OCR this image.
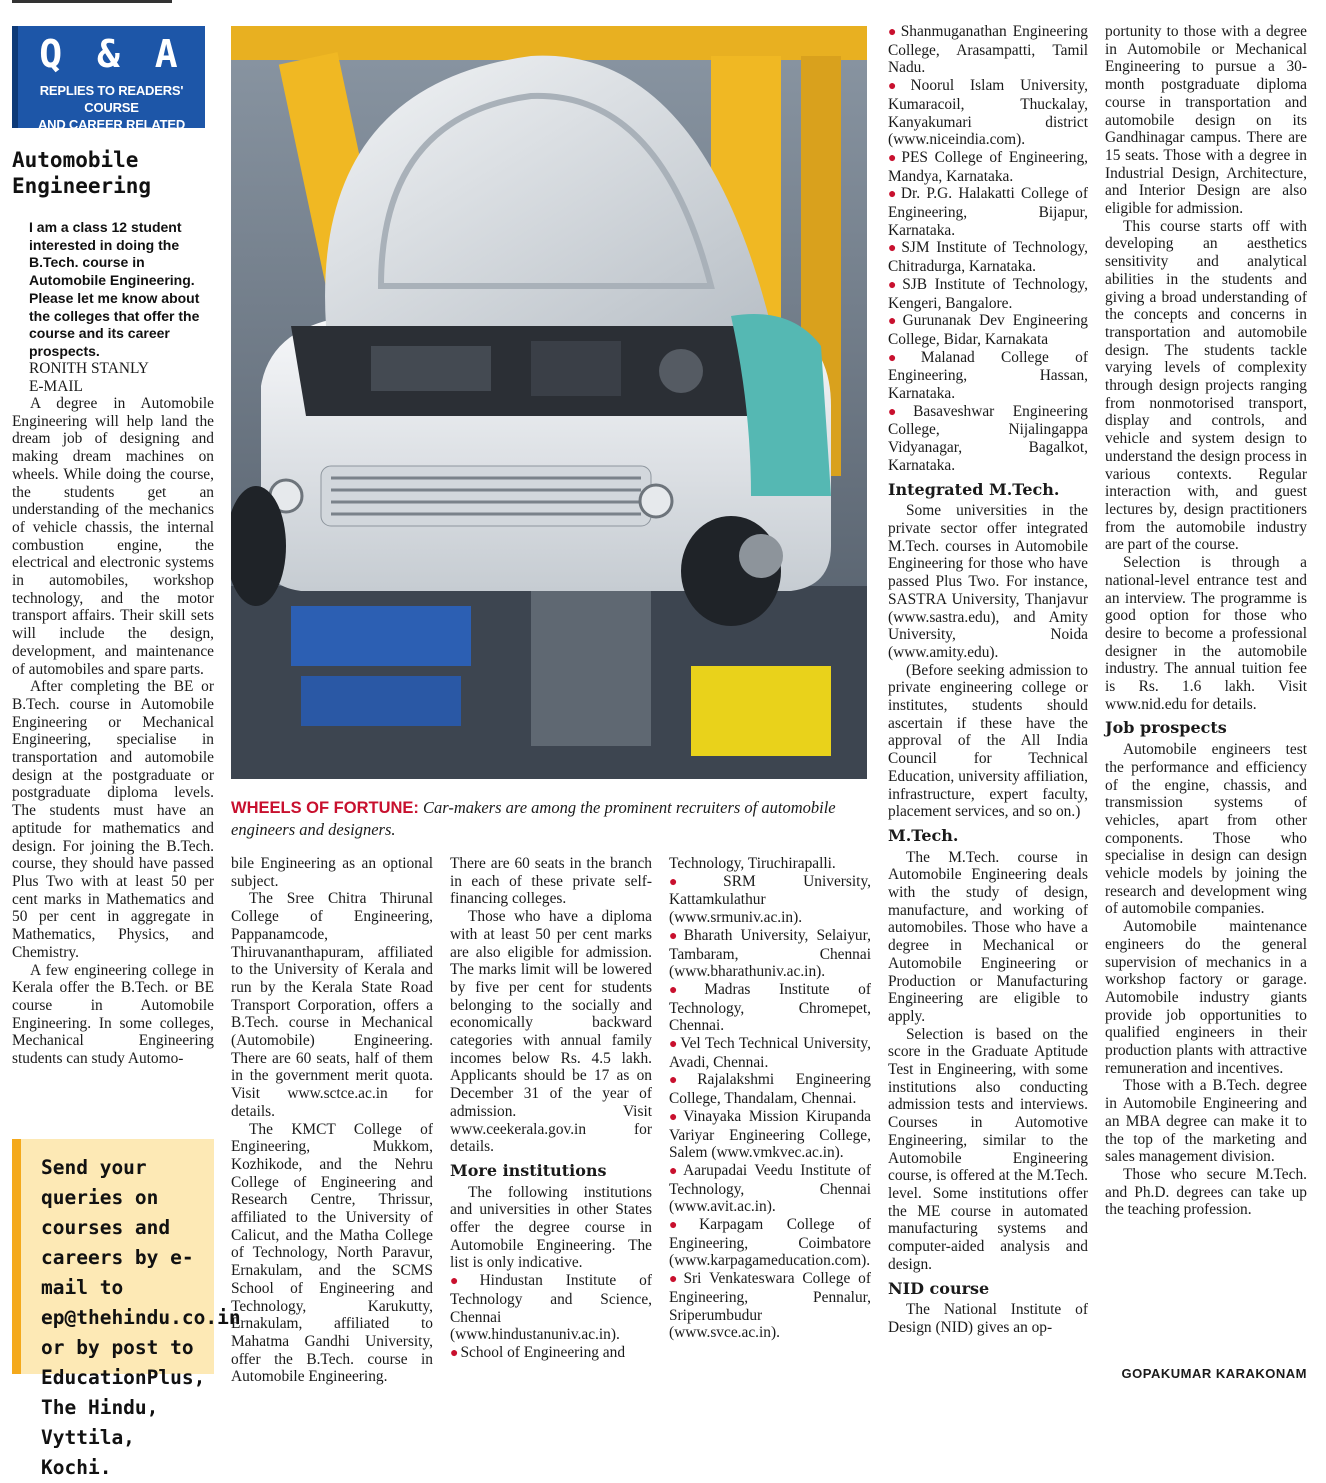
Q & A
REPLIES TO READERS' COURSE
AND CAREER RELATED QUERIES
Automobile
Engineering
I am a class 12 student interested in doing the B.Tech. course in Automobile Engineering. Please let me know about the colleges that offer the course and its career prospects.
RONITH STANLY
E-MAIL

A degree in Automobile Engineering will help land the dream job of designing and making dream machines on wheels. While doing the course, the students get an understanding of the mechanics of vehicle chassis, the internal combustion engine, the electrical and electronic systems in automobiles, workshop technology, and the motor transport affairs. Their skill sets will include the design, development, and maintenance of automobiles and spare parts.

After completing the BE or B.Tech. course in Automobile Engineering or Mechanical Engineering, specialise in transportation and automobile design at the postgraduate or postgraduate diploma levels. The students must have an aptitude for mathematics and design. For joining the B.Tech. course, they should have passed Plus Two with at least 50 per cent marks in Mathematics and 50 per cent in aggregate in Mathematics, Physics, and Chemistry.

A few engineering college in Kerala offer the B.Tech. or BE course in Automobile Engineering. In some colleges, Mechanical Engineering students can study Automo-

Send your queries on courses and careers by e-mail to ep@thehindu.co.in or by post to EducationPlus, The Hindu, Vyttila, Kochi.
WHEELS OF FORTUNE: Car-makers are among the prominent recruiters of automobile engineers and designers.

bile Engineering as an optional subject.

The Sree Chitra Thirunal College of Engineering, Pappanamcode, Thiruvananthapuram, affiliated to the University of Kerala and run by the Kerala State Road Transport Corporation, offers a B.Tech. course in Mechanical (Automobile) Engineering. There are 60 seats, half of them in the government merit quota. Visit www.sctce.ac.in for details.

The KMCT College of Engineering, Mukkom, Kozhikode, and the Nehru College of Engineering and Research Centre, Thrissur, affiliated to the University of Calicut, and the Matha College of Technology, North Paravur, Ernakulam, and the SCMS School of Engineering and Technology, Karukutty, Ernakulam, affiliated to Mahatma Gandhi University, offer the B.Tech. course in Automobile Engineering.

There are 60 seats in the branch in each of these private self-financing colleges.

Those who have a diploma with at least 50 per cent marks are also eligible for admission. The marks limit will be lowered by five per cent for students belonging to the socially and economically backward categories with annual family incomes below Rs. 4.5 lakh. Applicants should be 17 as on December 31 of the year of admission. Visit www.ceekerala.gov.in for details.

More institutions

The following institutions and universities in other States offer the degree course in Automobile Engineering. The list is only indicative.

● Hindustan Institute of Technology and Science, Chennai (www.hindustanuniv.ac.in).

● School of Engineering and

Technology, Tiruchirapalli.

● SRM University, Kattamkulathur (www.srmuniv.ac.in).

● Bharath University, Selaiyur, Tambaram, Chennai (www.bharathuniv.ac.in).

● Madras Institute of Technology, Chromepet, Chennai.

● Vel Tech Technical University, Avadi, Chennai.

● Rajalakshmi Engineering College, Thandalam, Chennai.

● Vinayaka Mission Kirupanda Variyar Engineering College, Salem (www.vmkvec.ac.in).

● Aarupadai Veedu Institute of Technology, Chennai (www.avit.ac.in).

● Karpagam College of Engineering, Coimbatore (www.karpagameducation.com).

● Sri Venkateswara College of Engineering, Pennalur, Sriperumbudur (www.svce.ac.in).

● Shanmuganathan Engineering College, Arasampatti, Tamil Nadu.

● Noorul Islam University, Kumaracoil, Thuckalay, Kanyakumari district (www.niceindia.com).

● PES College of Engineering, Mandya, Karnataka.

● Dr. P.G. Halakatti College of Engineering, Bijapur, Karnataka.

● SJM Institute of Technology, Chitradurga, Karnataka.

● SJB Institute of Technology, Kengeri, Bangalore.

● Gurunanak Dev Engineering College, Bidar, Karnakata

● Malanad College of Engineering, Hassan, Karnataka.

● Basaveshwar Engineering College, Nijalingappa Vidyanagar, Bagalkot, Karnataka.

Integrated M.Tech.

Some universities in the private sector offer integrated M.Tech. courses in Automobile Engineering for those who have passed Plus Two. For instance, SASTRA University, Thanjavur (www.sastra.edu), and Amity University, Noida (www.amity.edu).

(Before seeking admission to private engineering college or institutes, students should ascertain if these have the approval of the All India Council for Technical Education, university affiliation, infrastructure, expert faculty, placement services, and so on.)

M.Tech.

The M.Tech. course in Automobile Engineering deals with the study of design, manufacture, and working of automobiles. Those who have a degree in Mechanical or Automobile Engineering or Production or Manufacturing Engineering are eligible to apply.

Selection is based on the score in the Graduate Aptitude Test in Engineering, with some institutions also conducting admission tests and interviews. Courses in Automotive Engineering, similar to the Automobile Engineering course, is offered at the M.Tech. level. Some institutions offer the ME course in automated manufacturing systems and computer-aided analysis and design.

NID course

The National Institute of Design (NID) gives an op-

portunity to those with a degree in Automobile or Mechanical Engineering to pursue a 30-month postgraduate diploma course in transportation and automobile design on its Gandhinagar campus. There are 15 seats. Those with a degree in Industrial Design, Architecture, and Interior Design are also eligible for admission.

This course starts off with developing an aesthetics sensitivity and analytical abilities in the students and giving a broad understanding of the concepts and concerns in transportation and automobile design. The students tackle varying levels of complexity through design projects ranging from nonmotorised transport, display and controls, and vehicle and system design to understand the design process in various contexts. Regular interaction with, and guest lectures by, design practitioners from the automobile industry are part of the course.

Selection is through a national-level entrance test and an interview. The programme is good option for those who desire to become a professional designer in the automobile industry. The annual tuition fee is Rs. 1.6 lakh. Visit www.nid.edu for details.

Job prospects

Automobile engineers test the performance and efficiency of the engine, chassis, and transmission systems of vehicles, apart from other components. Those who specialise in design can design vehicle models by joining the research and development wing of automobile companies.

Automobile maintenance engineers do the general supervision of mechanics in a workshop factory or garage. Automobile industry giants provide job opportunities to qualified engineers in their production plants with attractive remuneration and incentives.

Those with a B.Tech. degree in Automobile Engineering and an MBA degree can make it to the top of the marketing and sales management division.

Those who secure M.Tech. and Ph.D. degrees can take up the teaching profession.

GOPAKUMAR KARAKONAM
